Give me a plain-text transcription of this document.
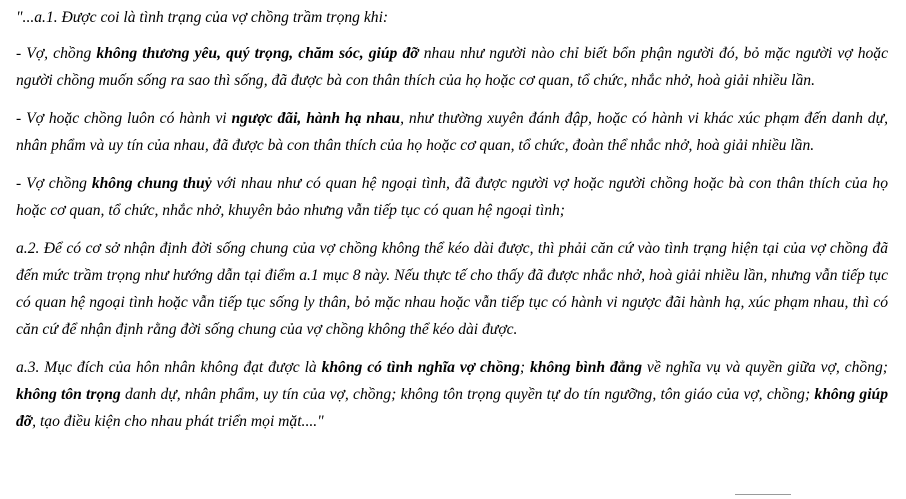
"...a.1. Được coi là tình trạng của vợ chồng trầm trọng khi:

- Vợ, chồng không thương yêu, quý trọng, chăm sóc, giúp đỡ nhau như người nào chỉ biết bổn phận người đó, bỏ mặc người vợ hoặc người chồng muốn sống ra sao thì sống, đã được bà con thân thích của họ hoặc cơ quan, tổ chức, nhắc nhở, hoà giải nhiều lần.

- Vợ hoặc chồng luôn có hành vi ngược đãi, hành hạ nhau, như thường xuyên đánh đập, hoặc có hành vi khác xúc phạm đến danh dự, nhân phẩm và uy tín của nhau, đã được bà con thân thích của họ hoặc cơ quan, tổ chức, đoàn thể nhắc nhở, hoà giải nhiều lần.

- Vợ chồng không chung thuỷ với nhau như có quan hệ ngoại tình, đã được người vợ hoặc người chồng hoặc bà con thân thích của họ hoặc cơ quan, tổ chức, nhắc nhở, khuyên bảo nhưng vẫn tiếp tục có quan hệ ngoại tình;

a.2. Để có cơ sở nhận định đời sống chung của vợ chồng không thể kéo dài được, thì phải căn cứ vào tình trạng hiện tại của vợ chồng đã đến mức trầm trọng như hướng dẫn tại điểm a.1 mục 8 này. Nếu thực tế cho thấy đã được nhắc nhở, hoà giải nhiều lần, nhưng vẫn tiếp tục có quan hệ ngoại tình hoặc vẫn tiếp tục sống ly thân, bỏ mặc nhau hoặc vẫn tiếp tục có hành vi ngược đãi hành hạ, xúc phạm nhau, thì có căn cứ để nhận định rằng đời sống chung của vợ chồng không thể kéo dài được.

a.3. Mục đích của hôn nhân không đạt được là không có tình nghĩa vợ chồng; không bình đẳng về nghĩa vụ và quyền giữa vợ, chồng; không tôn trọng danh dự, nhân phẩm, uy tín của vợ, chồng; không tôn trọng quyền tự do tín ngưỡng, tôn giáo của vợ, chồng; không giúp đỡ, tạo điều kiện cho nhau phát triển mọi mặt...."
